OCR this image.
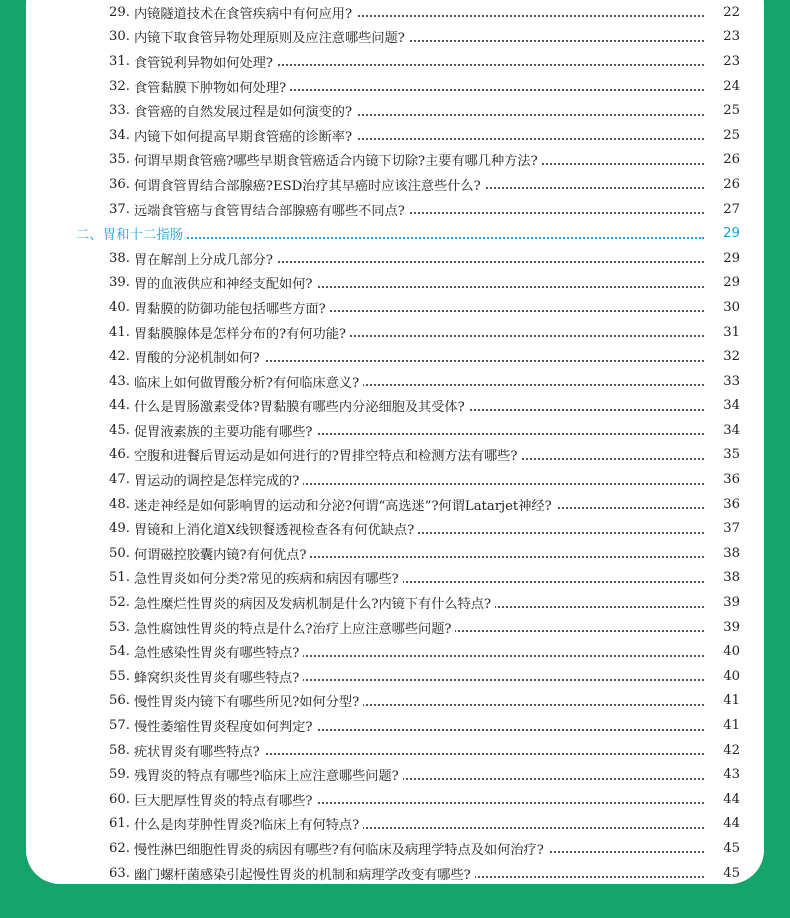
29. 内镜隧道技术在食管疾病中有何应用?	22
30. 内镜下取食管异物处理原则及应注意哪些问题?	23
31. 食管锐利异物如何处理?	23
32. 食管黏膜下肿物如何处理?	24
33. 食管癌的自然发展过程是如何演变的?	25
34. 内镜下如何提高早期食管癌的诊断率?	25
35. 何谓早期食管癌?哪些早期食管癌适合内镜下切除?主要有哪几种方法?	26
36. 何谓食管胃结合部腺癌?ESD治疗其早癌时应该注意些什么?	26
37. 远端食管癌与食管胃结合部腺癌有哪些不同点?	27
二、胃和十二指肠	29
38. 胃在解剖上分成几部分?	29
39. 胃的血液供应和神经支配如何?	29
40. 胃黏膜的防御功能包括哪些方面?	30
41. 胃黏膜腺体是怎样分布的?有何功能?	31
42. 胃酸的分泌机制如何?	32
43. 临床上如何做胃酸分析?有何临床意义?	33
44. 什么是胃肠激素受体?胃黏膜有哪些内分泌细胞及其受体?	34
45. 促胃液素族的主要功能有哪些?	34
46. 空腹和进餐后胃运动是如何进行的?胃排空特点和检测方法有哪些?	35
47. 胃运动的调控是怎样完成的?	36
48. 迷走神经是如何影响胃的运动和分泌?何谓“高选迷”?何谓Latarjet神经?	36
49. 胃镜和上消化道X线钡餐透视检查各有何优缺点?	37
50. 何谓磁控胶囊内镜?有何优点?	38
51. 急性胃炎如何分类?常见的疾病和病因有哪些?	38
52. 急性糜烂性胃炎的病因及发病机制是什么?内镜下有什么特点?	39
53. 急性腐蚀性胃炎的特点是什么?治疗上应注意哪些问题?	39
54. 急性感染性胃炎有哪些特点?	40
55. 蜂窝织炎性胃炎有哪些特点?	40
56. 慢性胃炎内镜下有哪些所见?如何分型?	41
57. 慢性萎缩性胃炎程度如何判定?	41
58. 疣状胃炎有哪些特点?	42
59. 残胃炎的特点有哪些?临床上应注意哪些问题?	43
60. 巨大肥厚性胃炎的特点有哪些?	44
61. 什么是肉芽肿性胃炎?临床上有何特点?	44
62. 慢性淋巴细胞性胃炎的病因有哪些?有何临床及病理学特点及如何治疗?	45
63. 幽门螺杆菌感染引起慢性胃炎的机制和病理学改变有哪些?	45
